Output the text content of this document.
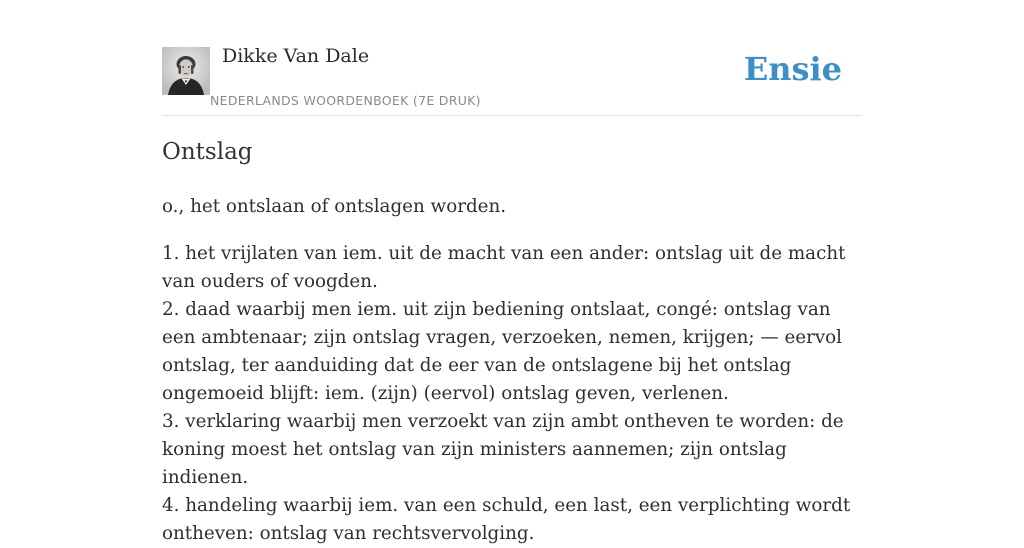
Dikke Van Dale
NEDERLANDS WOORDENBOEK (7E DRUK)
Ensie
Ontslag

o., het ontslaan of ontslagen worden.

1. het vrijlaten van iem. uit de macht van een ander: ontslag uit de macht van ouders of voogden.

2. daad waarbij men iem. uit zijn bediening ontslaat, congé: ontslag van een ambtenaar; zijn ontslag vragen, verzoeken, nemen, krijgen; — eervol ontslag, ter aanduiding dat de eer van de ontslagene bij het ontslag ongemoeid blijft: iem. (zijn) (eervol) ontslag geven, verlenen.

3. verklaring waarbij men verzoekt van zijn ambt ontheven te worden: de koning moest het ontslag van zijn ministers aannemen; zijn ontslag indienen.

4. handeling waarbij iem. van een schuld, een last, een verplichting wordt ontheven: ontslag van rechtsvervolging.
